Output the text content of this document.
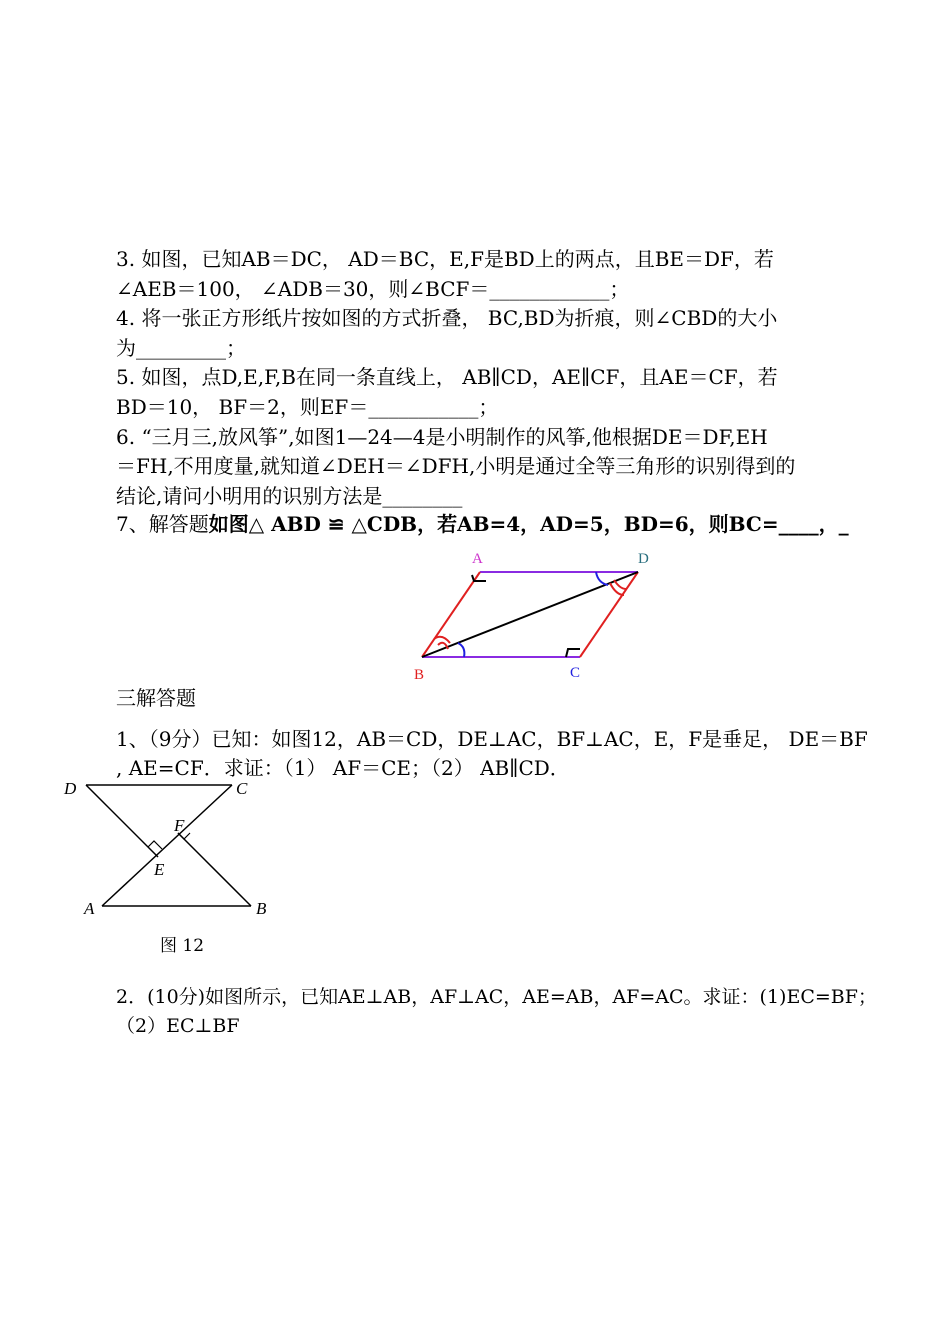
3. 如图，已知AB＝DC， AD＝BC，E,F是BD上的两点，且BE＝DF，若
∠AEB＝100， ∠ADB＝30，则∠BCF＝____________；
4. 将一张正方形纸片按如图的方式折叠， BC,BD为折痕，则∠CBD的大小
为_________；
5. 如图，点D,E,F,B在同一条直线上， AB∥CD，AE∥CF，且AE＝CF，若
BD＝10， BF＝2，则EF＝___________；
6. “三月三,放风筝”,如图1—24—4是小明制作的风筝,他根据DE＝DF,EH
＝FH,不用度量,就知道∠DEH＝∠DFH,小明是通过全等三角形的识别得到的
结论,请问小明用的识别方法是________
7、解答题如图△ ABD ≌ △CDB，若AB=4，AD=5，BD=6，则BC=____，_
A	D
B	C
三解答题
1、（9分）已知：如图12，AB＝CD，DE⊥AC，BF⊥AC，E，F是垂足， DE＝BF
, AE=CF．求证：（1） AF＝CE；（2） AB∥CD．
D	C
F
E
A	B
图 12
2．(10分)如图所示，已知AE⊥AB，AF⊥AC，AE=AB，AF=AC。求证：(1)EC=BF；
（2）EC⊥BF
